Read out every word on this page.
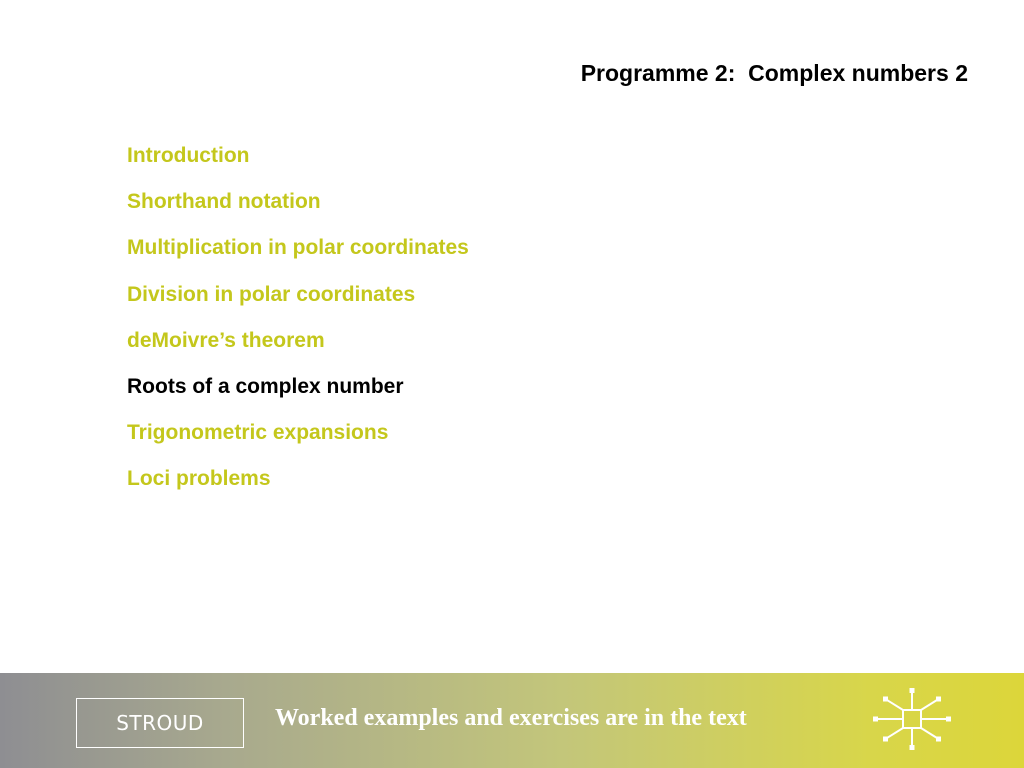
Programme 2:  Complex numbers 2
Introduction
Shorthand notation
Multiplication in polar coordinates
Division in polar coordinates
deMoivre’s theorem
Roots of a complex number
Trigonometric expansions
Loci problems
STROUD	Worked examples and exercises are in the text
